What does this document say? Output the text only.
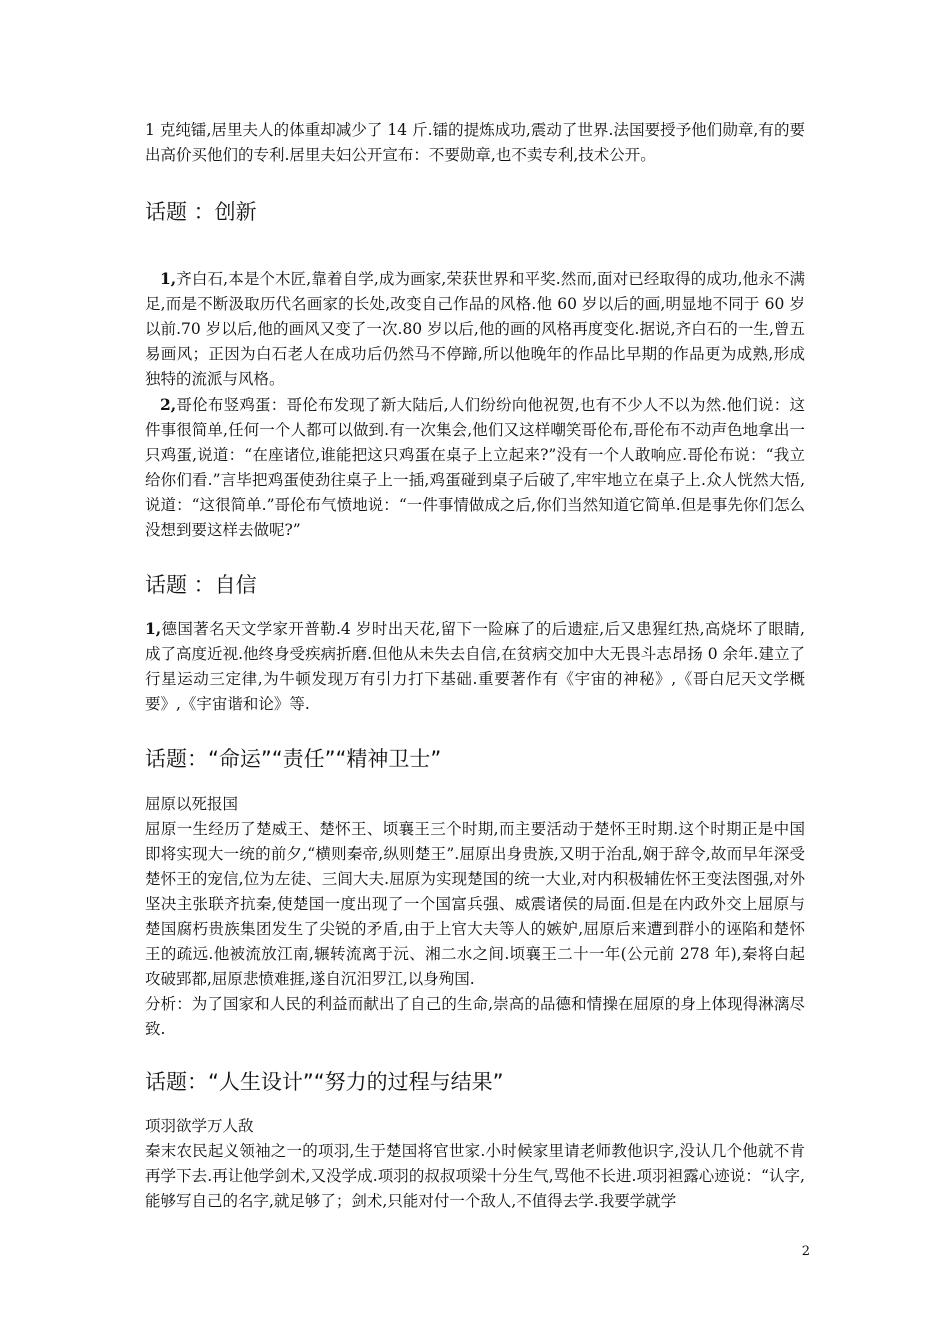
1 克纯镭,居里夫人的体重却减少了 14 斤.镭的提炼成功,震动了世界.法国要授予他们勋章,有的要出高价买他们的专利.居里夫妇公开宣布：不要勋章,也不卖专利,技术公开。

话题 ：创新

1,齐白石,本是个木匠,靠着自学,成为画家,荣获世界和平奖.然而,面对已经取得的成功,他永不满足,而是不断汲取历代名画家的长处,改变自己作品的风格.他 60 岁以后的画,明显地不同于 60 岁以前.70 岁以后,他的画风又变了一次.80 岁以后,他的画的风格再度变化.据说,齐白石的一生,曾五易画风；正因为白石老人在成功后仍然马不停蹄,所以他晚年的作品比早期的作品更为成熟,形成独特的流派与风格。

2,哥伦布竖鸡蛋：哥伦布发现了新大陆后,人们纷纷向他祝贺,也有不少人不以为然.他们说：这件事很简单,任何一个人都可以做到.有一次集会,他们又这样嘲笑哥伦布,哥伦布不动声色地拿出一只鸡蛋,说道：“在座诸位,谁能把这只鸡蛋在桌子上立起来?”没有一个人敢响应.哥伦布说：“我立给你们看.”言毕把鸡蛋使劲往桌子上一插,鸡蛋碰到桌子后破了,牢牢地立在桌子上.众人恍然大悟,说道：“这很简单.”哥伦布气愤地说：“一件事情做成之后,你们当然知道它简单.但是事先你们怎么没想到要这样去做呢?”

话题 ：自信

1,德国著名天文学家开普勒.4 岁时出天花,留下一险麻了的后遗症,后又患猩红热,高烧坏了眼睛,成了高度近视.他终身受疾病折磨.但他从未失去自信,在贫病交加中大无畏斗志昂扬 0 余年.建立了行星运动三定律,为牛顿发现万有引力打下基础.重要著作有《宇宙的神秘》,《哥白尼天文学概要》,《宇宙谐和论》等.

话题：“命运”“责任”“精神卫士”

屈原以死报国

屈原一生经历了楚威王、楚怀王、顷襄王三个时期,而主要活动于楚怀王时期.这个时期正是中国即将实现大一统的前夕,“横则秦帝,纵则楚王”.屈原出身贵族,又明于治乱,娴于辞令,故而早年深受楚怀王的宠信,位为左徒、三闾大夫.屈原为实现楚国的统一大业,对内积极辅佐怀王变法图强,对外坚决主张联齐抗秦,使楚国一度出现了一个国富兵强、威震诸侯的局面.但是在内政外交上屈原与楚国腐朽贵族集团发生了尖锐的矛盾,由于上官大夫等人的嫉妒,屈原后来遭到群小的诬陷和楚怀王的疏远.他被流放江南,辗转流离于沅、湘二水之间.顷襄王二十一年(公元前 278 年),秦将白起攻破郢都,屈原悲愤难捱,遂自沉汨罗江,以身殉国.

分析：为了国家和人民的利益而献出了自己的生命,崇高的品德和情操在屈原的身上体现得淋漓尽致.

话题：“人生设计”“努力的过程与结果”

项羽欲学万人敌

秦末农民起义领袖之一的项羽,生于楚国将官世家.小时候家里请老师教他识字,没认几个他就不肯再学下去.再让他学剑术,又没学成.项羽的叔叔项梁十分生气,骂他不长进.项羽袒露心迹说：“认字,能够写自己的名字,就足够了；剑术,只能对付一个敌人,不值得去学.我要学就学

2
